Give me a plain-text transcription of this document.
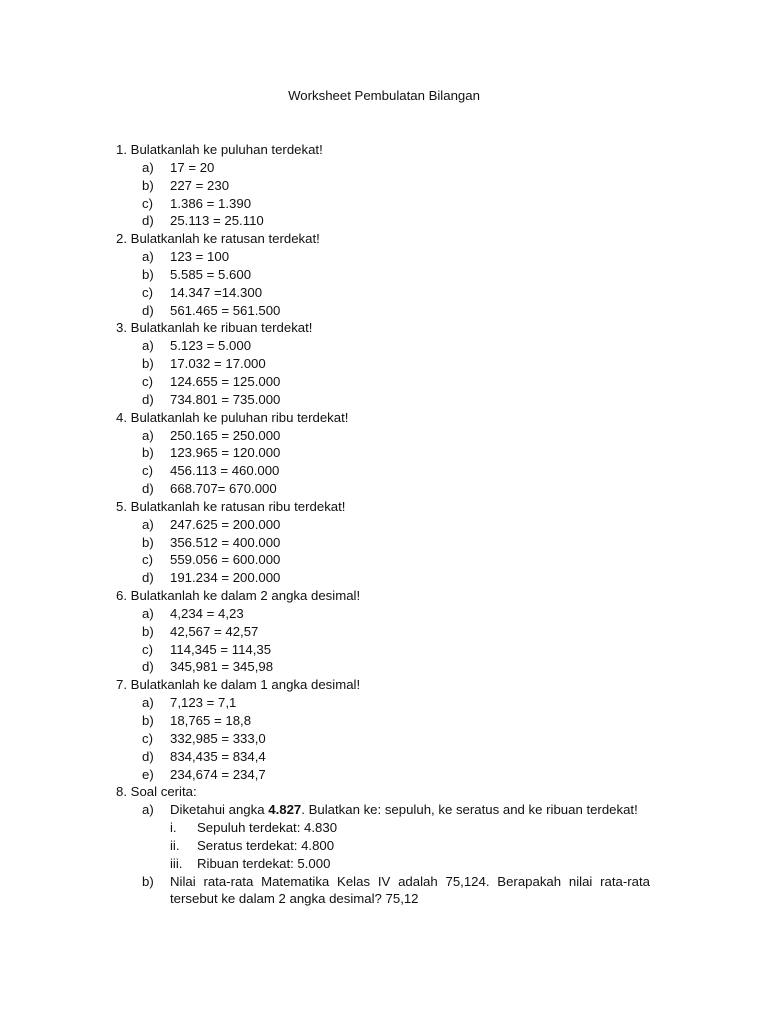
Worksheet Pembulatan Bilangan
1. Bulatkanlah ke puluhan terdekat!
a) 17 = 20
b) 227 = 230
c) 1.386 = 1.390
d) 25.113 = 25.110
2. Bulatkanlah ke ratusan terdekat!
a) 123 = 100
b) 5.585 = 5.600
c) 14.347 =14.300
d) 561.465 = 561.500
3. Bulatkanlah ke ribuan terdekat!
a) 5.123 = 5.000
b) 17.032 = 17.000
c) 124.655 = 125.000
d) 734.801 = 735.000
4. Bulatkanlah ke puluhan ribu terdekat!
a) 250.165 = 250.000
b) 123.965 = 120.000
c) 456.113 = 460.000
d) 668.707= 670.000
5. Bulatkanlah ke ratusan ribu terdekat!
a) 247.625 = 200.000
b) 356.512 = 400.000
c) 559.056 = 600.000
d) 191.234 = 200.000
6. Bulatkanlah ke dalam 2 angka desimal!
a) 4,234 = 4,23
b) 42,567 = 42,57
c) 114,345 = 114,35
d) 345,981 = 345,98
7. Bulatkanlah ke dalam 1 angka desimal!
a) 7,123 = 7,1
b) 18,765 = 18,8
c) 332,985 = 333,0
d) 834,435 = 834,4
e) 234,674 = 234,7
8. Soal cerita:
a) Diketahui angka 4.827. Bulatkan ke: sepuluh, ke seratus and ke ribuan terdekat!
i. Sepuluh terdekat: 4.830
ii. Seratus terdekat: 4.800
iii. Ribuan terdekat: 5.000
b) Nilai rata-rata Matematika Kelas IV adalah 75,124. Berapakah nilai rata-rata tersebut ke dalam 2 angka desimal? 75,12
